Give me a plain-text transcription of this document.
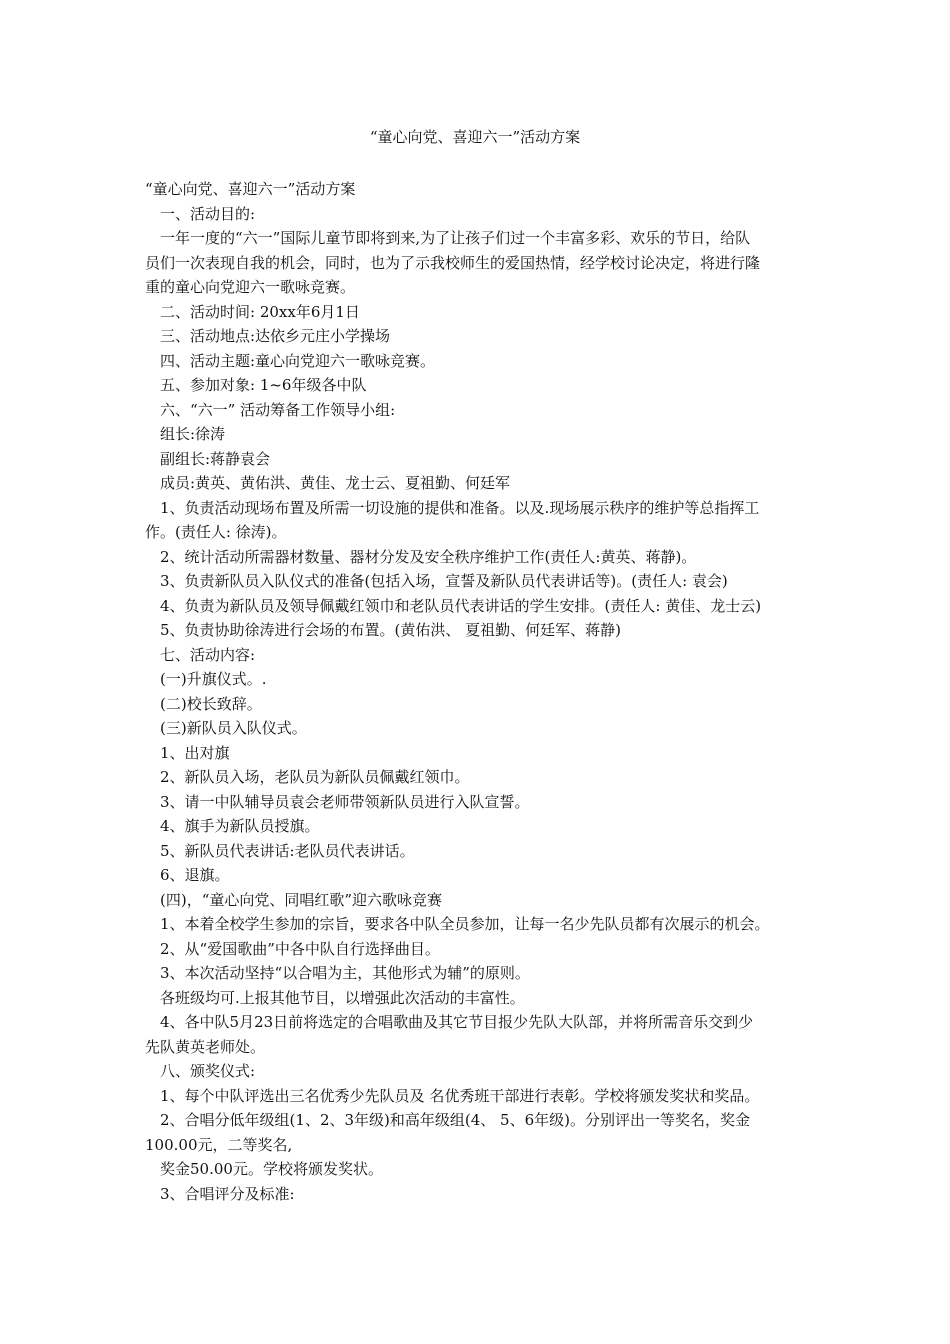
“童心向党、喜迎六一”活动方案
“童心向党、喜迎六一”活动方案
一、活动目的:
一年一度的“六一”国际儿童节即将到来,为了让孩子们过一个丰富多彩、欢乐的节日，给队
员们一次表现自我的机会，同时，也为了示我校师生的爱国热情，经学校讨论决定，将进行隆
重的童心向党迎六一歌咏竞赛。
二、活动时间: 20xx年6月1日
三、活动地点:达依乡元庄小学操场
四、活动主题:童心向党迎六一歌咏竞赛。
五、参加对象: 1~6年级各中队
六、“六一” 活动筹备工作领导小组:
组长:徐涛
副组长:蒋静袁会
成员:黄英、黄佑洪、黄佳、龙士云、夏祖勤、何廷军
1、负责活动现场布置及所需一切设施的提供和准备。以及.现场展示秩序的维护等总指挥工
作。(责任人: 徐涛)。
2、统计活动所需器材数量、器材分发及安全秩序维护工作(责任人:黄英、蒋静)。
3、负责新队员入队仪式的准备(包括入场，宣誓及新队员代表讲话等)。(责任人: 袁会)
4、负责为新队员及领导佩戴红领巾和老队员代表讲话的学生安排。(责任人: 黄佳、龙士云)
5、负责协助徐涛进行会场的布置。(黄佑洪、 夏祖勤、何廷军、蒋静)
七、活动内容:
(一)升旗仪式。.
(二)校长致辞。
(三)新队员入队仪式。
1、出对旗
2、新队员入场，老队员为新队员佩戴红领巾。
3、请一中队辅导员袁会老师带领新队员进行入队宣誓。
4、旗手为新队员授旗。
5、新队员代表讲话:老队员代表讲话。
6、退旗。
(四)，“童心向党、同唱红歌”迎六歌咏竞赛
1、本着全校学生参加的宗旨，要求各中队全员参加，让每一名少先队员都有次展示的机会。
2、从“爱国歌曲”中各中队自行选择曲目。
3、本次活动坚持“以合唱为主，其他形式为辅”的原则。
各班级均可.上报其他节目，以增强此次活动的丰富性。
4、各中队5月23日前将选定的合唱歌曲及其它节目报少先队大队部，并将所需音乐交到少
先队黄英老师处。
八、颁奖仪式:
1、每个中队评选出三名优秀少先队员及 名优秀班干部进行表彰。学校将颁发奖状和奖品。
2、合唱分低年级组(1、2、3年级)和高年级组(4、 5、6年级)。分别评出一等奖名，奖金
100.00元，二等奖名,
奖金50.00元。学校将颁发奖状。
3、合唱评分及标准:
